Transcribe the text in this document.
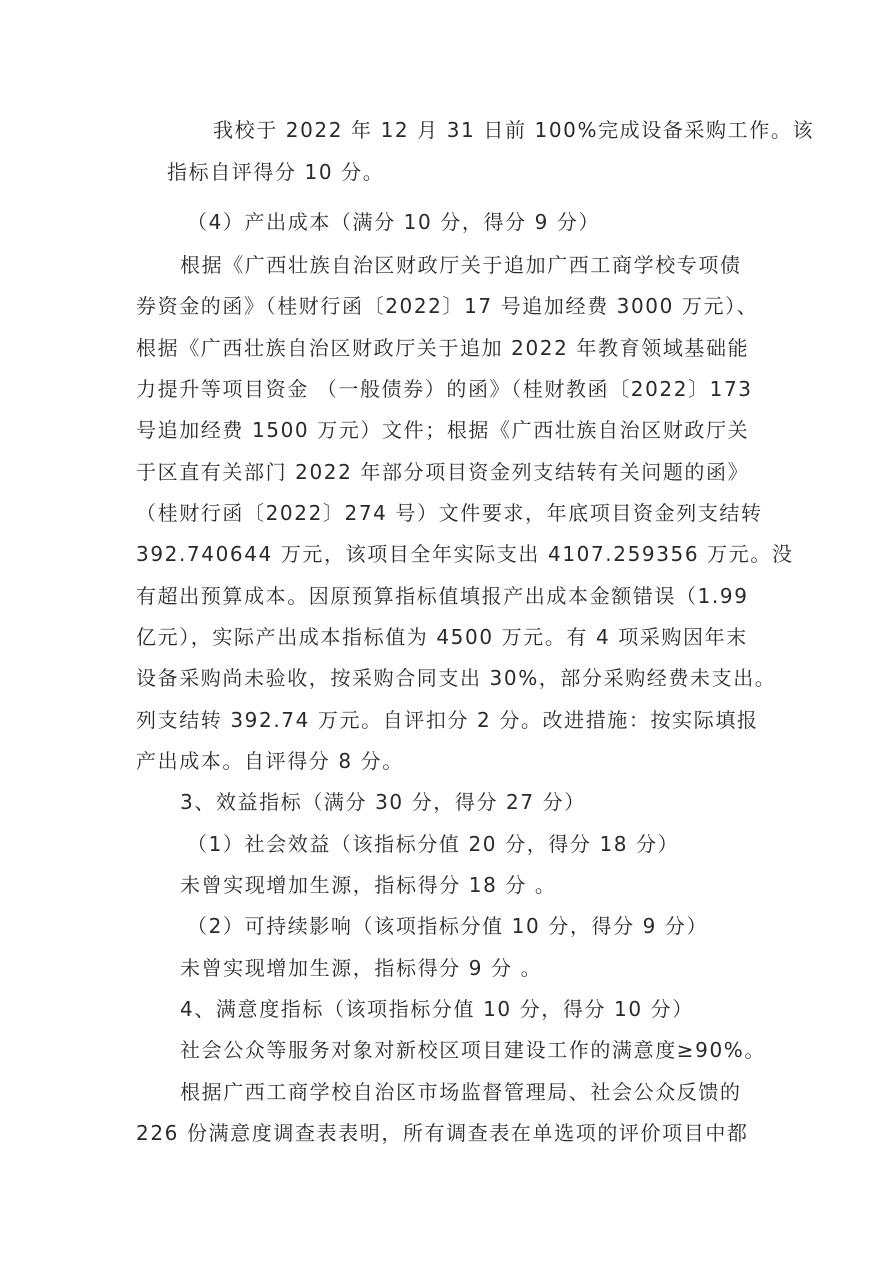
我校于 2022 年 12 月 31 日前 100%完成设备采购工作。该
指标自评得分 10 分。
（4）产出成本（满分 10 分，得分 9 分）
根据《广西壮族自治区财政厅关于追加广西工商学校专项债
券资金的函》（桂财行函〔2022〕17 号追加经费 3000 万元）、
根据《广西壮族自治区财政厅关于追加 2022 年教育领域基础能
力提升等项目资金 （一般债券）的函》（桂财教函〔2022〕173
号追加经费 1500 万元）文件；根据《广西壮族自治区财政厅关
于区直有关部门 2022 年部分项目资金列支结转有关问题的函》
（桂财行函〔2022〕274 号）文件要求，年底项目资金列支结转
392.740644 万元，该项目全年实际支出 4107.259356 万元。没
有超出预算成本。因原预算指标值填报产出成本金额错误（1.99
亿元），实际产出成本指标值为 4500 万元。有 4 项采购因年末
设备采购尚未验收，按采购合同支出 30%，部分采购经费未支出。
列支结转 392.74 万元。自评扣分 2 分。改进措施：按实际填报
产出成本。自评得分 8 分。
3、效益指标（满分 30 分，得分 27 分）
（1）社会效益（该指标分值 20 分，得分 18 分）
未曾实现增加生源，指标得分 18 分 。
（2）可持续影响（该项指标分值 10 分，得分 9 分）
未曾实现增加生源，指标得分 9 分 。
4、满意度指标（该项指标分值 10 分，得分 10 分）
社会公众等服务对象对新校区项目建设工作的满意度≥90%。
根据广西工商学校自治区市场监督管理局、社会公众反馈的
226 份满意度调查表表明，所有调查表在单选项的评价项目中都
